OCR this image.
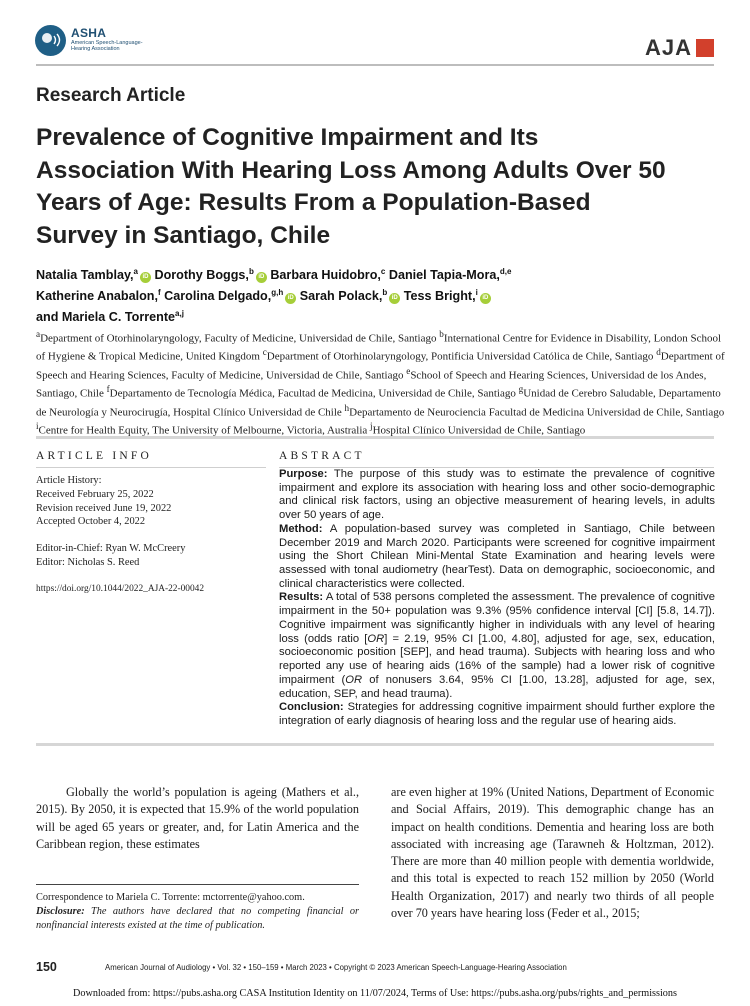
ASHA
American Speech-Language-Hearing Association	AJA
Research Article
Prevalence of Cognitive Impairment and Its Association With Hearing Loss Among Adults Over 50 Years of Age: Results From a Population-Based Survey in Santiago, Chile
Natalia Tamblay,$^a$iD Dorothy Boggs,$^b$iD Barbara Huidobro,$^c$ Daniel Tapia-Mora,$^{d,e}$
Katherine Anabalon,$^f$ Carolina Delgado,$^{g,h}$iD Sarah Polack,$^b$iD Tess Bright,$^i$iD
and Mariela C. Torrente$^{a,j}$

$^a$Department of Otorhinolaryngology, Faculty of Medicine, Universidad de Chile, Santiago $^b$International Centre for Evidence in Disability, London School of Hygiene & Tropical Medicine, United Kingdom $^c$Department of Otorhinolaryngology, Pontificia Universidad Católica de Chile, Santiago $^d$Department of Speech and Hearing Sciences, Faculty of Medicine, Universidad de Chile, Santiago $^e$School of Speech and Hearing Sciences, Universidad de los Andes, Santiago, Chile $^f$Departamento de Tecnología Médica, Facultad de Medicina, Universidad de Chile, Santiago $^g$Unidad de Cerebro Saludable, Departamento de Neurología y Neurocirugía, Hospital Clínico Universidad de Chile $^h$Departamento de Neurociencia Facultad de Medicina Universidad de Chile, Santiago $^i$Centre for Health Equity, The University of Melbourne, Victoria, Australia $^j$Hospital Clínico Universidad de Chile, Santiago

ARTICLE INFO
Article History:
Received February 25, 2022
Revision received June 19, 2022
Accepted October 4, 2022
Editor-in-Chief: Ryan W. McCreery
Editor: Nicholas S. Reed
https://doi.org/10.1044/2022_AJA-22-00042
ABSTRACT

Purpose: The purpose of this study was to estimate the prevalence of cognitive impairment and explore its association with hearing loss and other socio-demographic and clinical risk factors, using an objective measurement of hearing levels, in adults over 50 years of age.

Method: A population-based survey was completed in Santiago, Chile between December 2019 and March 2020. Participants were screened for cognitive impairment using the Short Chilean Mini-Mental State Examination and hearing levels were assessed with tonal audiometry (hearTest). Data on demographic, socioeconomic, and clinical characteristics were collected.

Results: A total of 538 persons completed the assessment. The prevalence of cognitive impairment in the 50+ population was 9.3% (95% confidence interval [CI] [5.8, 14.7]). Cognitive impairment was significantly higher in individuals with any level of hearing loss (odds ratio [OR] = 2.19, 95% CI [1.00, 4.80], adjusted for age, sex, education, socioeconomic position [SEP], and head trauma). Subjects with hearing loss and who reported any use of hearing aids (16% of the sample) had a lower risk of cognitive impairment (OR of nonusers 3.64, 95% CI [1.00, 13.28], adjusted for age, sex, education, SEP, and head trauma).

Conclusion: Strategies for addressing cognitive impairment should further explore the integration of early diagnosis of hearing loss and the regular use of hearing aids.

Globally the world’s population is ageing (Mathers et al., 2015). By 2050, it is expected that 15.9% of the world population will be aged 65 years or greater, and, for Latin America and the Caribbean region, these estimates

are even higher at 19% (United Nations, Department of Economic and Social Affairs, 2019). This demographic change has an impact on health conditions. Dementia and hearing loss are both associated with increasing age (Tarawneh & Holtzman, 2012). There are more than 40 million people with dementia worldwide, and this total is expected to reach 152 million by 2050 (World Health Organization, 2017) and nearly two thirds of all people over 70 years have hearing loss (Feder et al., 2015;

Correspondence to Mariela C. Torrente: mctorrente@yahoo.com.

Disclosure: The authors have declared that no competing financial or nonfinancial interests existed at the time of publication.

150	American Journal of Audiology • Vol. 32 • 150–159 • March 2023 • Copyright © 2023 American Speech-Language-Hearing Association
Downloaded from: https://pubs.asha.org CASA Institution Identity on 11/07/2024, Terms of Use: https://pubs.asha.org/pubs/rights_and_permissions
